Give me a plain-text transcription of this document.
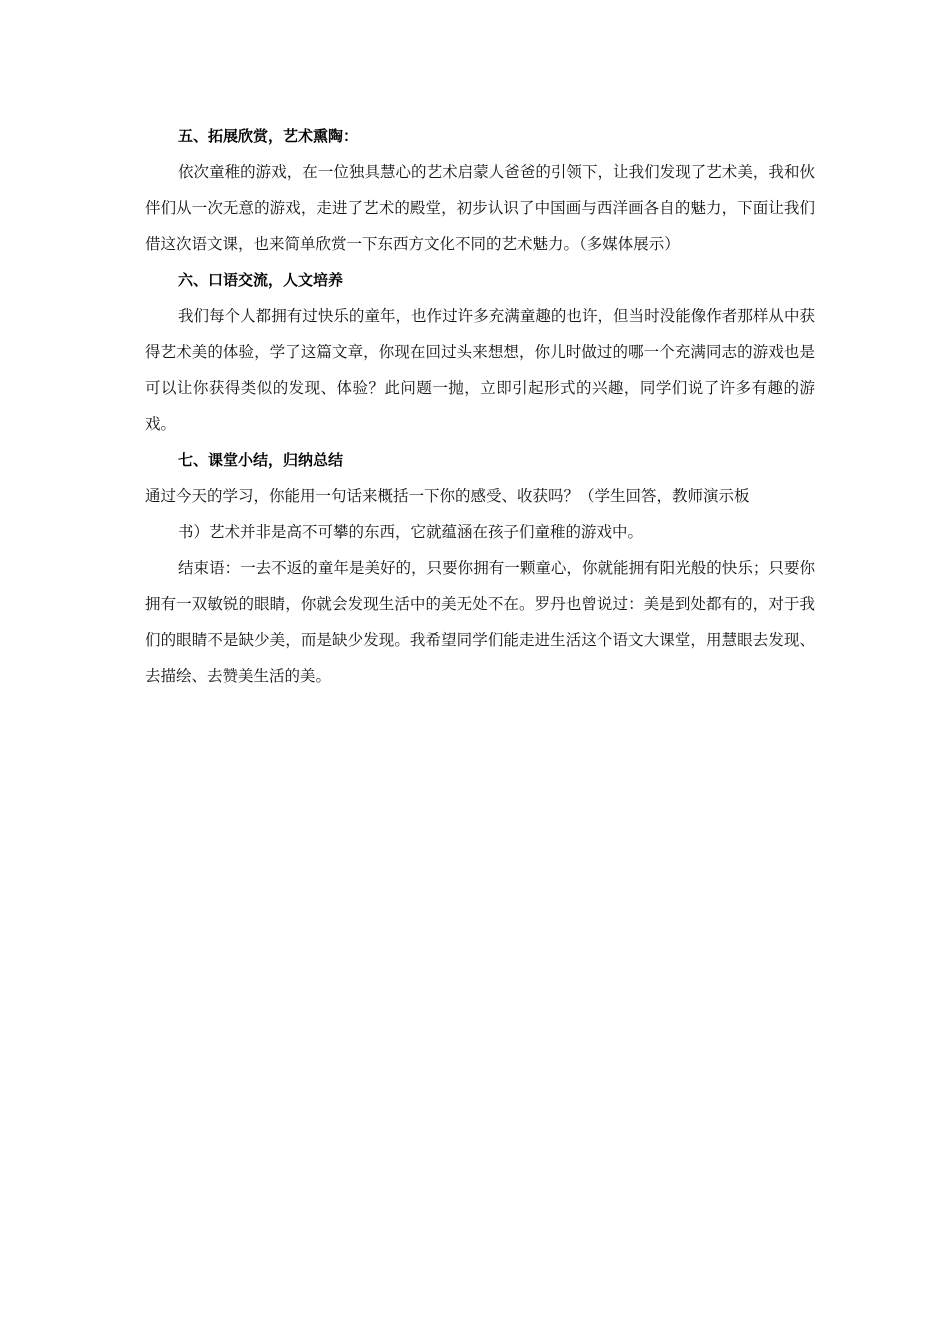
五、拓展欣赏，艺术熏陶：

依次童稚的游戏，在一位独具慧心的艺术启蒙人爸爸的引领下，让我们发现了艺术美，我和伙伴们从一次无意的游戏，走进了艺术的殿堂，初步认识了中国画与西洋画各自的魅力，下面让我们借这次语文课，也来简单欣赏一下东西方文化不同的艺术魅力。（多媒体展示）

六、口语交流，人文培养

我们每个人都拥有过快乐的童年，也作过许多充满童趣的也许，但当时没能像作者那样从中获得艺术美的体验，学了这篇文章，你现在回过头来想想，你儿时做过的哪一个充满同志的游戏也是可以让你获得类似的发现、体验？此问题一抛，立即引起形式的兴趣，同学们说了许多有趣的游戏。

七、课堂小结，归纳总结

通过今天的学习，你能用一句话来概括一下你的感受、收获吗？（学生回答，教师演示板

书）艺术并非是高不可攀的东西，它就蕴涵在孩子们童稚的游戏中。

结束语：一去不返的童年是美好的，只要你拥有一颗童心，你就能拥有阳光般的快乐；只要你拥有一双敏锐的眼睛，你就会发现生活中的美无处不在。罗丹也曾说过：美是到处都有的，对于我们的眼睛不是缺少美，而是缺少发现。我希望同学们能走进生活这个语文大课堂，用慧眼去发现、去描绘、去赞美生活的美。
